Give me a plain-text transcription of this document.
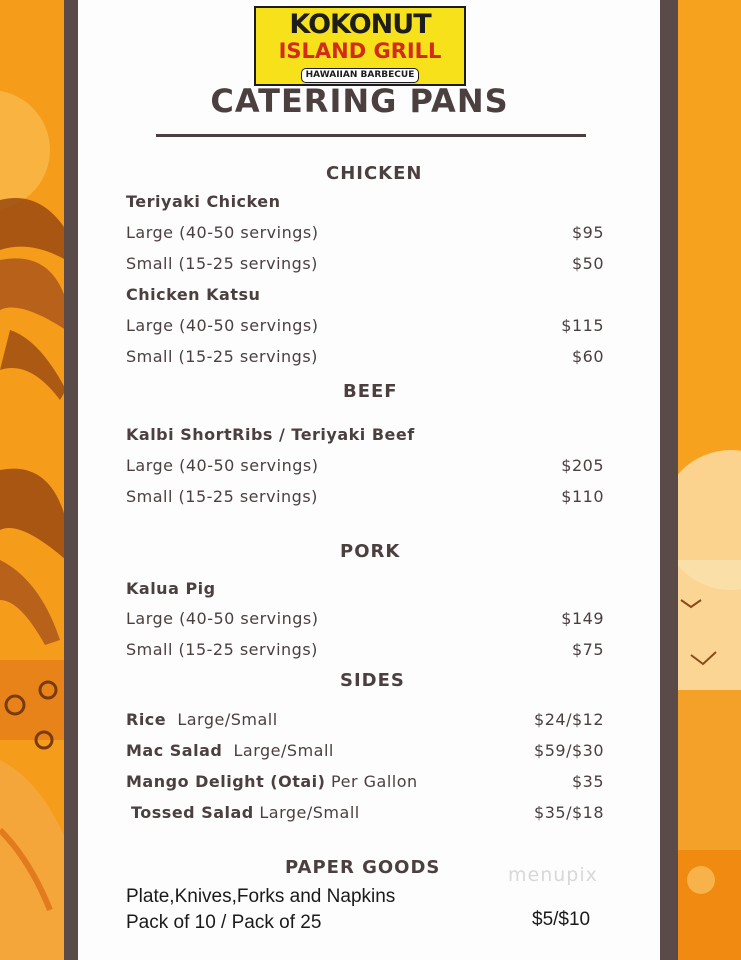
KOKONUT
ISLAND GRILL
HAWAIIAN BARBECUE
CATERING PANS
CHICKEN
Teriyaki Chicken
Large (40-50 servings)	$95
Small (15-25 servings)	$50
Chicken Katsu
Large (40-50 servings)	$115
Small (15-25 servings)	$60
BEEF
Kalbi ShortRibs / Teriyaki Beef
Large (40-50 servings)	$205
Small (15-25 servings)	$110
PORK
Kalua Pig
Large (40-50 servings)	$149
Small (15-25 servings)	$75
SIDES
Rice Large/Small	$24/$12
Mac Salad Large/Small	$59/$30
Mango Delight (Otai) Per Gallon	$35
Tossed Salad Large/Small	$35/$18
PAPER GOODS
Plate,Knives,Forks and Napkins
Pack of 10 / Pack of 25	$5/$10
menupix
